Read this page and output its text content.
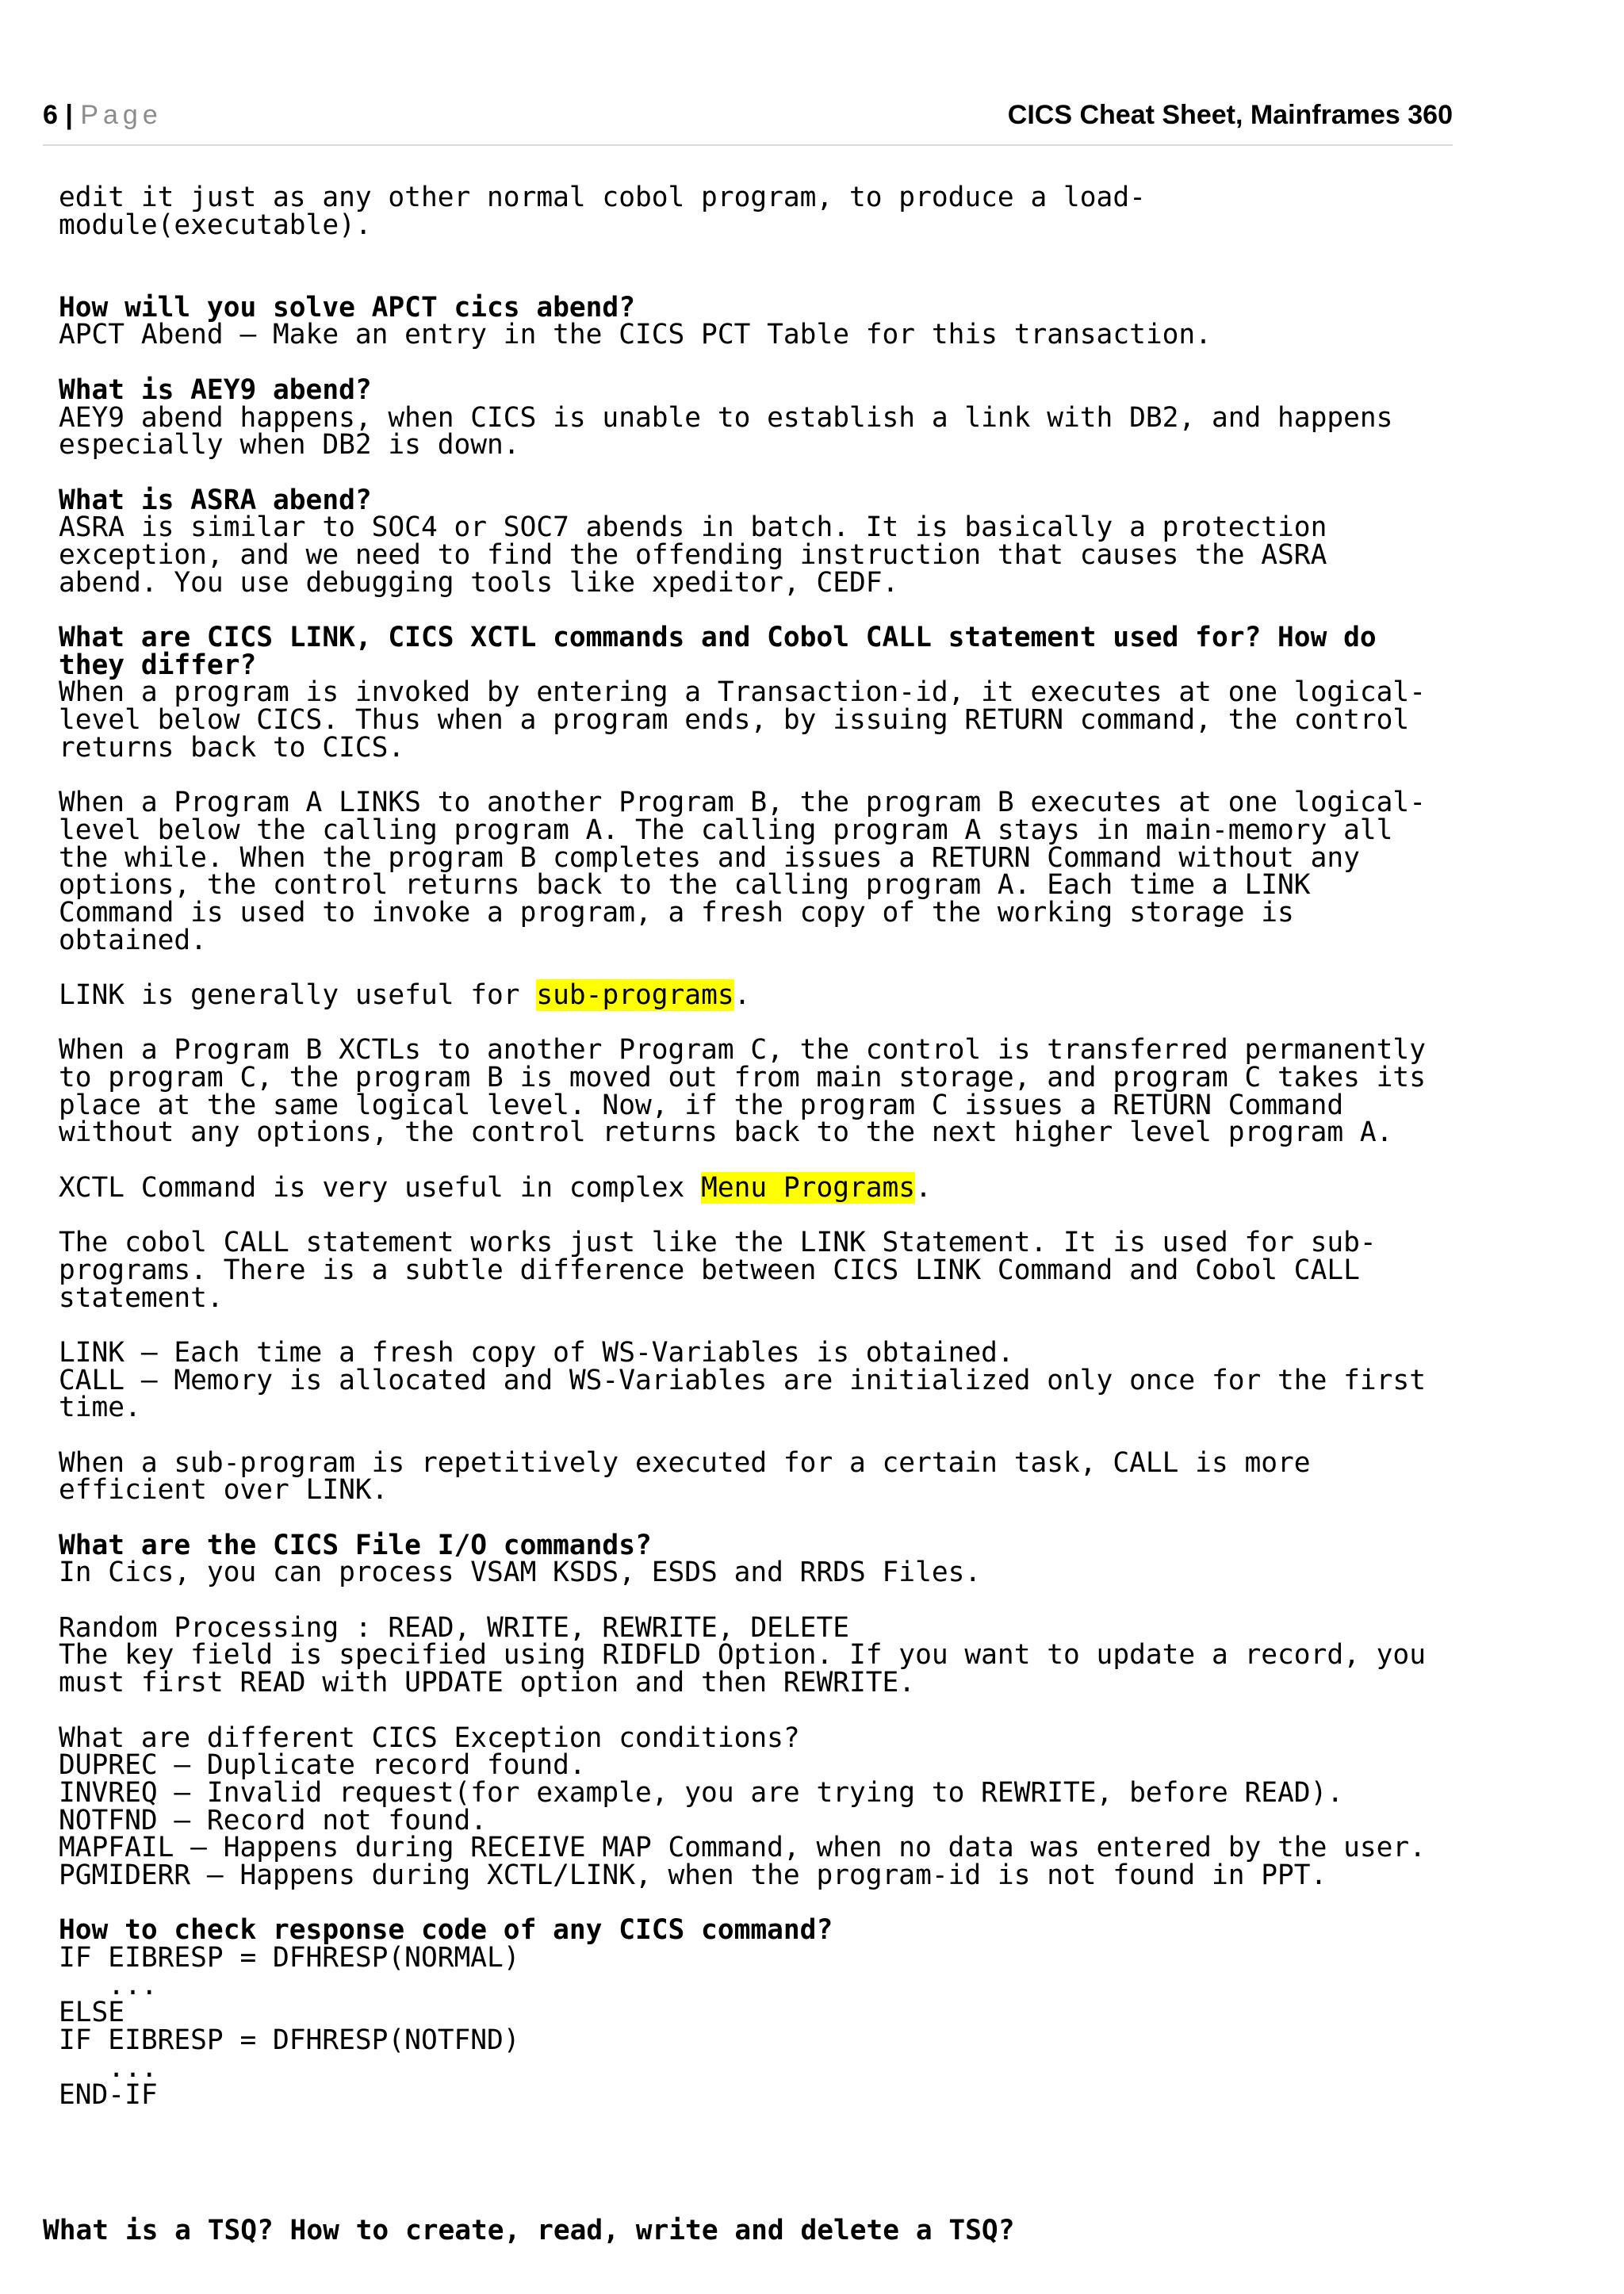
6 | Page	CICS Cheat Sheet, Mainframes 360
edit it just as any other normal cobol program, to produce a load-
module(executable).
How will you solve APCT cics abend?
APCT Abend – Make an entry in the CICS PCT Table for this transaction.
What is AEY9 abend?
AEY9 abend happens, when CICS is unable to establish a link with DB2, and happens
especially when DB2 is down.
What is ASRA abend?
ASRA is similar to SOC4 or SOC7 abends in batch. It is basically a protection
exception, and we need to find the offending instruction that causes the ASRA
abend. You use debugging tools like xpeditor, CEDF.
What are CICS LINK, CICS XCTL commands and Cobol CALL statement used for? How do
they differ?
When a program is invoked by entering a Transaction-id, it executes at one logical-
level below CICS. Thus when a program ends, by issuing RETURN command, the control
returns back to CICS.
When a Program A LINKS to another Program B, the program B executes at one logical-
level below the calling program A. The calling program A stays in main-memory all
the while. When the program B completes and issues a RETURN Command without any
options, the control returns back to the calling program A. Each time a LINK
Command is used to invoke a program, a fresh copy of the working storage is
obtained.
LINK is generally useful for sub-programs.
When a Program B XCTLs to another Program C, the control is transferred permanently
to program C, the program B is moved out from main storage, and program C takes its
place at the same logical level. Now, if the program C issues a RETURN Command
without any options, the control returns back to the next higher level program A.
XCTL Command is very useful in complex Menu Programs.
The cobol CALL statement works just like the LINK Statement. It is used for sub-
programs. There is a subtle difference between CICS LINK Command and Cobol CALL
statement.
LINK – Each time a fresh copy of WS-Variables is obtained.
CALL – Memory is allocated and WS-Variables are initialized only once for the first
time.
When a sub-program is repetitively executed for a certain task, CALL is more
efficient over LINK.
What are the CICS File I/O commands?
In Cics, you can process VSAM KSDS, ESDS and RRDS Files.
Random Processing : READ, WRITE, REWRITE, DELETE
The key field is specified using RIDFLD Option. If you want to update a record, you
must first READ with UPDATE option and then REWRITE.
What are different CICS Exception conditions?
DUPREC – Duplicate record found.
INVREQ – Invalid request(for example, you are trying to REWRITE, before READ).
NOTFND – Record not found.
MAPFAIL – Happens during RECEIVE MAP Command, when no data was entered by the user.
PGMIDERR – Happens during XCTL/LINK, when the program-id is not found in PPT.
How to check response code of any CICS command?
IF EIBRESP = DFHRESP(NORMAL)
...
ELSE
IF EIBRESP = DFHRESP(NOTFND)
...
END-IF
What is a TSQ? How to create, read, write and delete a TSQ?
